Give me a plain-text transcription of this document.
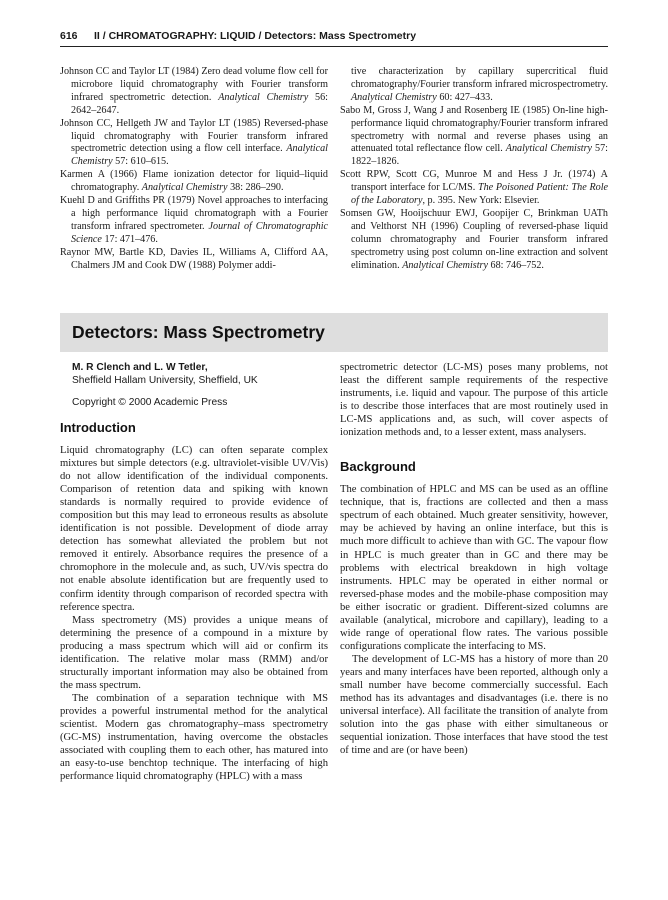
616 II / CHROMATOGRAPHY: LIQUID / Detectors: Mass Spectrometry

Johnson CC and Taylor LT (1984) Zero dead volume flow cell for microbore liquid chromatography with Fourier transform infrared spectrometric detection. Analytical Chemistry 56: 2642–2647.

Johnson CC, Hellgeth JW and Taylor LT (1985) Reversed-phase liquid chromatography with Fourier transform infrared spectrometric detection using a flow cell interface. Analytical Chemistry 57: 610–615.

Karmen A (1966) Flame ionization detector for liquid–liquid chromatography. Analytical Chemistry 38: 286–290.

Kuehl D and Griffiths PR (1979) Novel approaches to interfacing a high performance liquid chromatograph with a Fourier transform infrared spectrometer. Journal of Chromatographic Science 17: 471–476.

Raynor MW, Bartle KD, Davies IL, Williams A, Clifford AA, Chalmers JM and Cook DW (1988) Polymer addi-

tive characterization by capillary supercritical fluid chromatography/Fourier transform infrared microspectrometry. Analytical Chemistry 60: 427–433.

Sabo M, Gross J, Wang J and Rosenberg IE (1985) On-line high-performance liquid chromatography/Fourier transform infrared spectrometry with normal and reverse phases using an attenuated total reflectance flow cell. Analytical Chemistry 57: 1822–1826.

Scott RPW, Scott CG, Munroe M and Hess J Jr. (1974) A transport interface for LC/MS. The Poisoned Patient: The Role of the Laboratory, p. 395. New York: Elsevier.

Somsen GW, Hooijschuur EWJ, Goopijer C, Brinkman UATh and Velthorst NH (1996) Coupling of reversed-phase liquid column chromatography and Fourier transform infrared spectrometry using post column on-line extraction and solvent elimination. Analytical Chemistry 68: 746–752.

Detectors: Mass Spectrometry
M. R Clench and L. W Tetler,
Sheffield Hallam University, Sheffield, UK
Copyright © 2000 Academic Press
Introduction

Liquid chromatography (LC) can often separate complex mixtures but simple detectors (e.g. ultraviolet-visible UV/Vis) do not allow identification of the individual components. Comparison of retention data and spiking with known standards is normally required to provide evidence of composition but this may lead to erroneous results as absolute identification is not possible. Development of diode array detection has somewhat alleviated the problem but not removed it entirely. Absorbance requires the presence of a chromophore in the molecule and, as such, UV/vis spectra do not enable absolute identification but are frequently used to confirm identity through comparison of recorded spectra with reference spectra.

Mass spectrometry (MS) provides a unique means of determining the presence of a compound in a mixture by producing a mass spectrum which will aid or confirm its identification. The relative molar mass (RMM) and/or structurally important information may also be obtained from the mass spectrum.

The combination of a separation technique with MS provides a powerful instrumental method for the analytical scientist. Modern gas chromatography–mass spectrometry (GC-MS) instrumentation, having overcome the obstacles associated with coupling them to each other, has matured into an easy-to-use benchtop technique. The interfacing of high performance liquid chromatography (HPLC) with a mass

spectrometric detector (LC-MS) poses many problems, not least the different sample requirements of the respective instruments, i.e. liquid and vapour. The purpose of this article is to describe those interfaces that are most routinely used in LC-MS applications and, as such, will cover aspects of ionization methods and, to a lesser extent, mass analysers.

Background

The combination of HPLC and MS can be used as an offline technique, that is, fractions are collected and then a mass spectrum of each obtained. Much greater sensitivity, however, may be achieved by having an online interface, but this is much more difficult to achieve than with GC. The vapour flow in HPLC is much greater than in GC and there may be problems with electrical breakdown in high voltage instruments. HPLC may be operated in either normal or reversed-phase modes and the mobile-phase composition may be either isocratic or gradient. Different-sized columns are available (analytical, microbore and capillary), leading to a wide range of operational flow rates. The various possible configurations complicate the interfacing to MS.

The development of LC-MS has a history of more than 20 years and many interfaces have been reported, although only a small number have become commercially successful. Each method has its advantages and disadvantages (i.e. there is no universal interface). All facilitate the transition of analyte from solution into the gas phase with either simultaneous or sequential ionization. Those interfaces that have stood the test of time and are (or have been)
